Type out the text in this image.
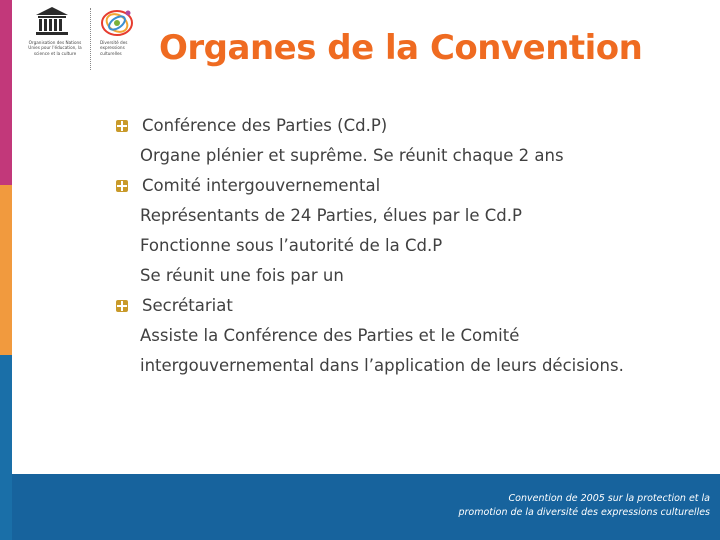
Organisation des Nations Unies pour l'éducation, la science et la culture
Diversité des expressions culturelles	Organes de la Convention
Conférence des Parties (Cd.P)
Organe plénier et suprême. Se réunit chaque 2 ans
Comité intergouvernemental
Représentants de 24 Parties, élues par le Cd.P
Fonctionne sous l’autorité de la Cd.P
Se réunit une fois par un
Secrétariat
Assiste la Conférence des Parties et le Comité
intergouvernemental dans l’application de leurs décisions.
Convention de 2005 sur la protection et la
promotion de la diversité des expressions culturelles
